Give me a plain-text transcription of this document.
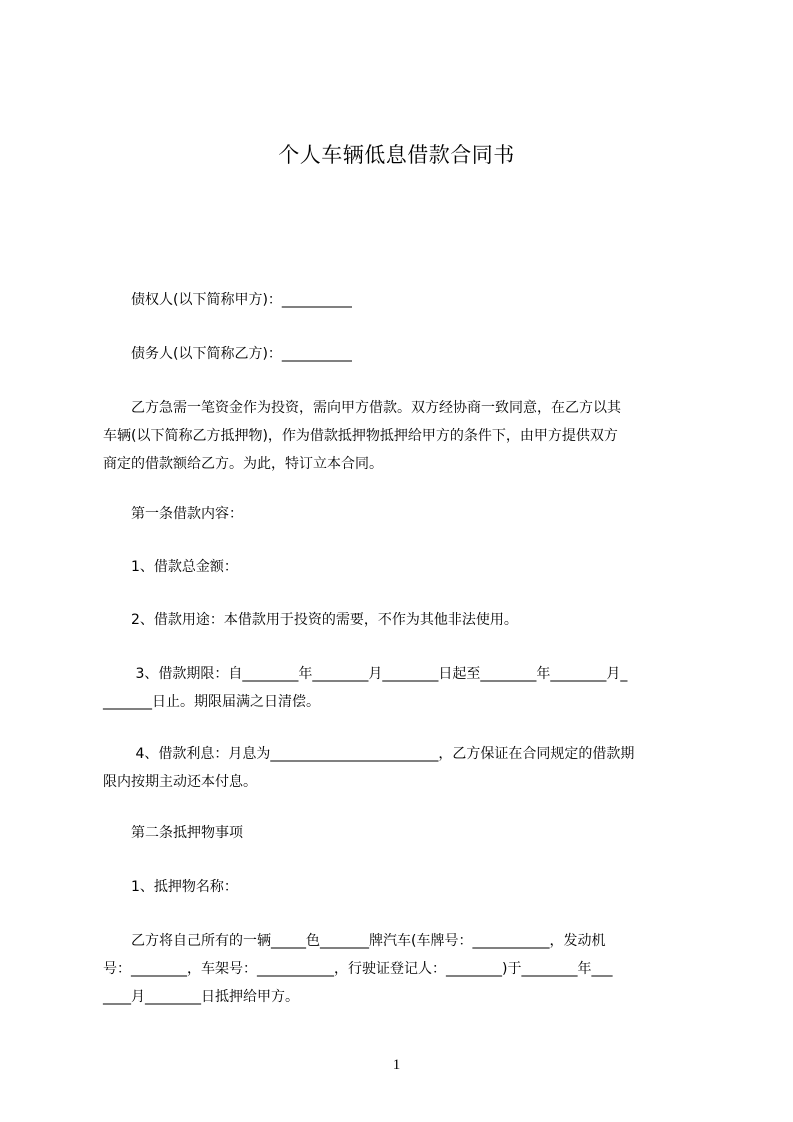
个人车辆低息借款合同书

　　债权人(以下简称甲方)：__________

　　债务人(以下简称乙方)：__________

　　乙方急需一笔资金作为投资，需向甲方借款。双方经协商一致同意，在乙方以其
车辆(以下简称乙方抵押物)，作为借款抵押物抵押给甲方的条件下，由甲方提供双方
商定的借款额给乙方。为此，特订立本合同。

　　第一条借款内容：

　　1、借款总金额：

　　2、借款用途：本借款用于投资的需要，不作为其他非法使用。

　　 3、借款期限：自________年________月________日起至________年________月_
_______日止。期限届满之日清偿。

　　 4、借款利息：月息为________________________，乙方保证在合同规定的借款期
限内按期主动还本付息。

　　第二条抵押物事项

　　1、抵押物名称：

　　乙方将自己所有的一辆_____色_______牌汽车(车牌号：___________，发动机
号：________，车架号：___________，行驶证登记人：________)于________年___
____月________日抵押给甲方。

1
